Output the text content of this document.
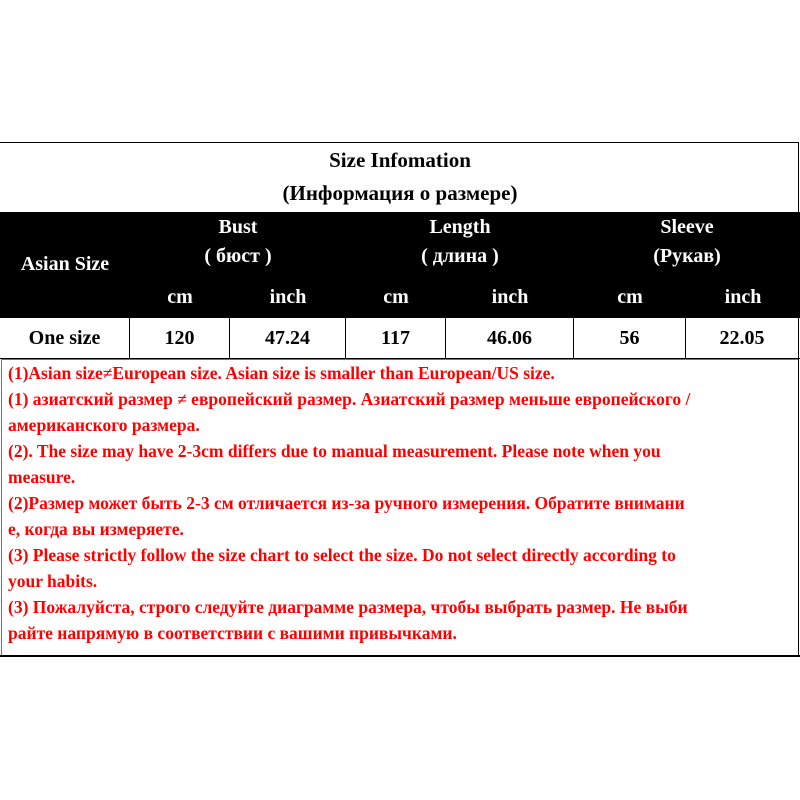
Size Infomation
(Информация о размере)
Asian Size
Bust
( бюст )
cm	inch
Length
( длина )
cm	inch
Sleeve
(Рукав)
cm	inch
One size	120	47.24	117	46.06	56	22.05
(1)Asian size≠European size. Asian size is smaller than European/US size.
(1) азиатский размер ≠ европейский размер. Азиатский размер меньше европейского /
американского размера.
(2). The size may have 2-3cm differs due to manual measurement. Please note when you
measure.
(2)Размер может быть 2-3 см отличается из-за ручного измерения. Обратите внимани
е, когда вы измеряете.
(3) Please strictly follow the size chart to select the size. Do not select directly according to
your habits.
(3) Пожалуйста, строго следуйте диаграмме размера, чтобы выбрать размер. Не выби
райте напрямую в соответствии с вашими привычками.
